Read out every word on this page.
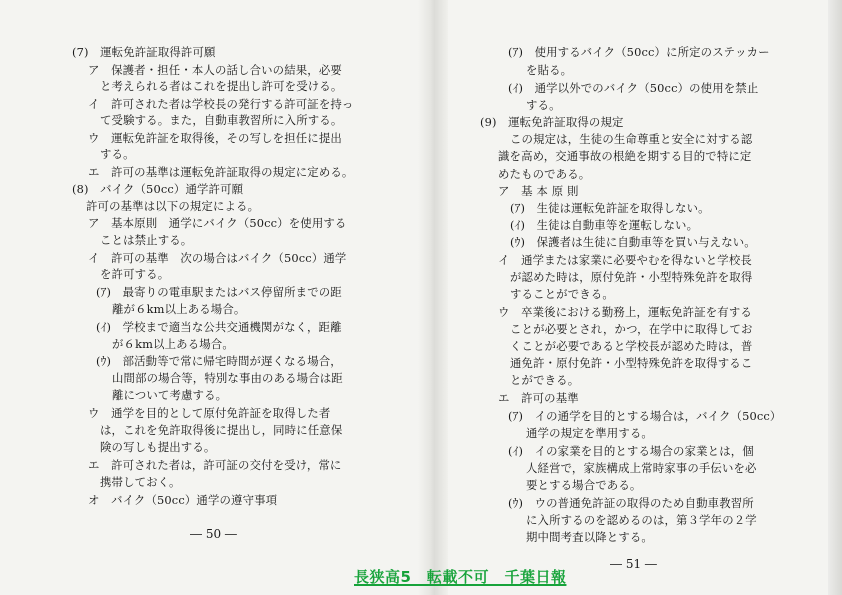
(7)　運転免許証取得許可願
ア　保護者・担任・本人の話し合いの結果，必要
と考えられる者はこれを提出し許可を受ける。
イ　許可された者は学校長の発行する許可証を持っ
て受験する。また，自動車教習所に入所する。
ウ　運転免許証を取得後，その写しを担任に提出
する。
エ　許可の基準は運転免許証取得の規定に定める。
(8)　バイク（50cc）通学許可願
許可の基準は以下の規定による。
ア　基本原則　通学にバイク（50cc）を使用する
ことは禁止する。
イ　許可の基準　次の場合はバイク（50cc）通学
を許可する。
(ｱ)　最寄りの電車駅またはバス停留所までの距
離が６km以上ある場合。
(ｲ)　学校まで適当な公共交通機関がなく，距離
が６km以上ある場合。
(ｳ)　部活動等で常に帰宅時間が遅くなる場合，
山間部の場合等，特別な事由のある場合は距
離について考慮する。
ウ　通学を目的として原付免許証を取得した者
は，これを免許取得後に提出し，同時に任意保
険の写しも提出する。
エ　許可された者は，許可証の交付を受け，常に
携帯しておく。
オ　バイク（50cc）通学の遵守事項
― 50 ―
(ｱ)　使用するバイク（50cc）に所定のステッカー
を貼る。
(ｲ)　通学以外でのバイク（50cc）の使用を禁止
する。
(9)　運転免許証取得の規定
この規定は，生徒の生命尊重と安全に対する認
識を高め，交通事故の根絶を期する目的で特に定
めたものである。
ア　基 本 原 則
(ｱ)　生徒は運転免許証を取得しない。
(ｲ)　生徒は自動車等を運転しない。
(ｳ)　保護者は生徒に自動車等を買い与えない。
イ　通学または家業に必要やむを得ないと学校長
が認めた時は，原付免許・小型特殊免許を取得
することができる。
ウ　卒業後における勤務上，運転免許証を有する
ことが必要とされ，かつ，在学中に取得してお
くことが必要であると学校長が認めた時は，普
通免許・原付免許・小型特殊免許を取得するこ
とができる。
エ　許可の基準
(ｱ)　イの通学を目的とする場合は，バイク（50cc）
通学の規定を準用する。
(ｲ)　イの家業を目的とする場合の家業とは，個
人経営で，家族構成上常時家事の手伝いを必
要とする場合である。
(ｳ)　ウの普通免許証の取得のため自動車教習所
に入所するのを認めるのは，第３学年の２学
期中間考査以降とする。
― 51 ―
長狭高5　転載不可　千葉日報
